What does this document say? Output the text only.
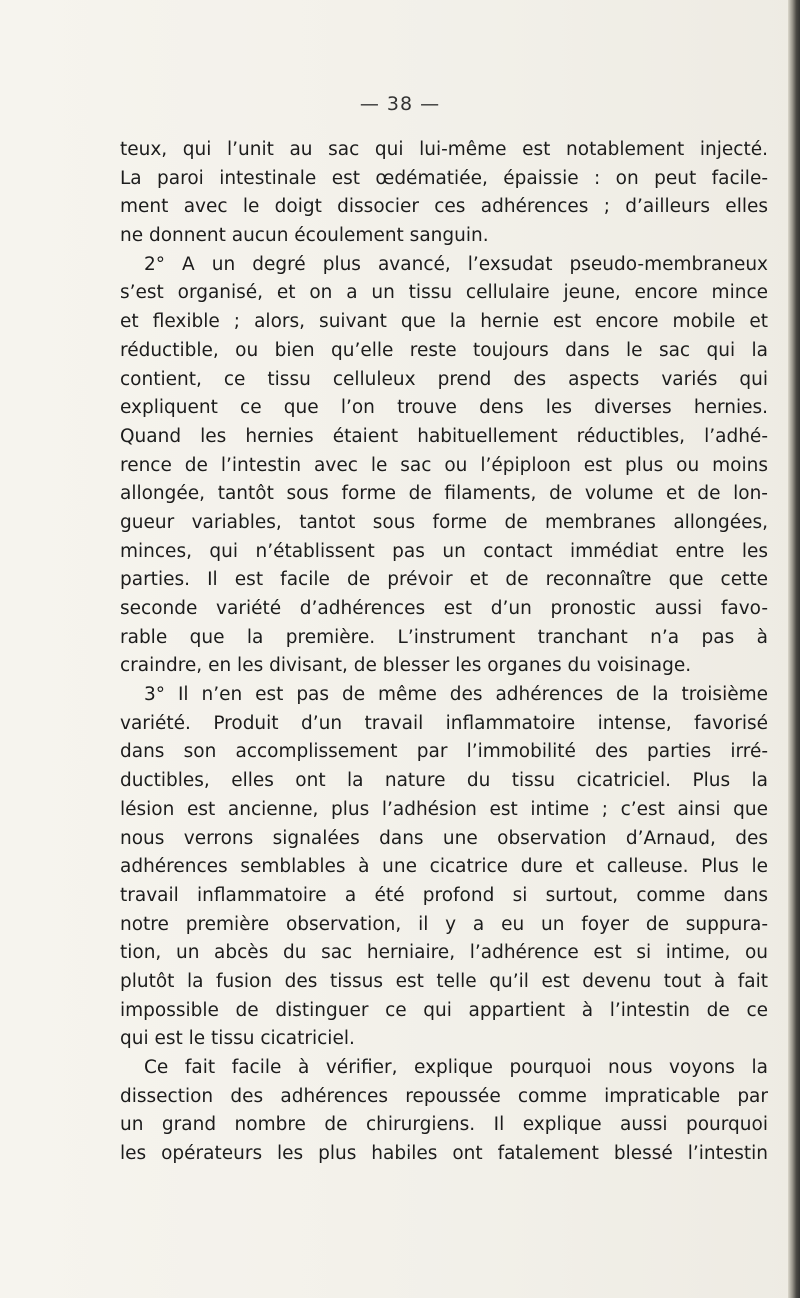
— 38 —
teux, qui l’unit au sac qui lui-même est notablement injecté.
La paroi intestinale est œdématiée, épaissie : on peut facile-
ment avec le doigt dissocier ces adhérences ; d’ailleurs elles
ne donnent aucun écoulement sanguin.
2° A un degré plus avancé, l’exsudat pseudo-membraneux
s’est organisé, et on a un tissu cellulaire jeune, encore mince
et flexible ; alors, suivant que la hernie est encore mobile et
réductible, ou bien qu’elle reste toujours dans le sac qui la
contient, ce tissu celluleux prend des aspects variés qui
expliquent ce que l’on trouve dens les diverses hernies.
Quand les hernies étaient habituellement réductibles, l’adhé-
rence de l’intestin avec le sac ou l’épiploon est plus ou moins
allongée, tantôt sous forme de filaments, de volume et de lon-
gueur variables, tantot sous forme de membranes allongées,
minces, qui n’établissent pas un contact immédiat entre les
parties. Il est facile de prévoir et de reconnaître que cette
seconde variété d’adhérences est d’un pronostic aussi favo-
rable que la première. L’instrument tranchant n’a pas à
craindre, en les divisant, de blesser les organes du voisinage.
3° Il n’en est pas de même des adhérences de la troisième
variété. Produit d’un travail inflammatoire intense, favorisé
dans son accomplissement par l’immobilité des parties irré-
ductibles, elles ont la nature du tissu cicatriciel. Plus la
lésion est ancienne, plus l’adhésion est intime ; c’est ainsi que
nous verrons signalées dans une observation d’Arnaud, des
adhérences semblables à une cicatrice dure et calleuse. Plus le
travail inflammatoire a été profond si surtout, comme dans
notre première observation, il y a eu un foyer de suppura-
tion, un abcès du sac herniaire, l’adhérence est si intime, ou
plutôt la fusion des tissus est telle qu’il est devenu tout à fait
impossible de distinguer ce qui appartient à l’intestin de ce
qui est le tissu cicatriciel.
Ce fait facile à vérifier, explique pourquoi nous voyons la
dissection des adhérences repoussée comme impraticable par
un grand nombre de chirurgiens. Il explique aussi pourquoi
les opérateurs les plus habiles ont fatalement blessé l’intestin
